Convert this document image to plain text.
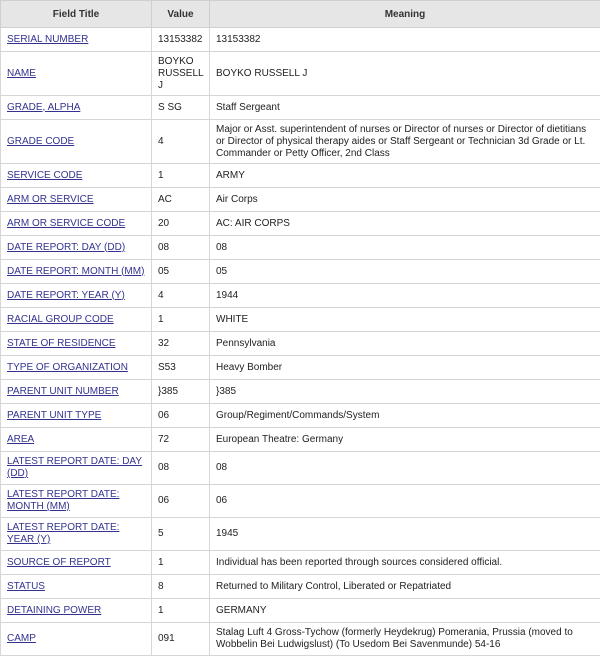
Field Title	Value	Meaning
SERIAL NUMBER	13153382	13153382
NAME	BOYKO RUSSELL J	BOYKO RUSSELL J
GRADE, ALPHA	S SG	Staff Sergeant
GRADE CODE	4	Major or Asst. superintendent of nurses or Director of nurses or Director of dietitians or Director of physical therapy aides or Staff Sergeant or Technician 3d Grade or Lt. Commander or Petty Officer, 2nd Class
SERVICE CODE	1	ARMY
ARM OR SERVICE	AC	Air Corps
ARM OR SERVICE CODE	20	AC: AIR CORPS
DATE REPORT: DAY (DD)	08	08
DATE REPORT: MONTH (MM)	05	05
DATE REPORT: YEAR (Y)	4	1944
RACIAL GROUP CODE	1	WHITE
STATE OF RESIDENCE	32	Pennsylvania
TYPE OF ORGANIZATION	S53	Heavy Bomber
PARENT UNIT NUMBER	}385	}385
PARENT UNIT TYPE	06	Group/Regiment/Commands/System
AREA	72	European Theatre: Germany
LATEST REPORT DATE: DAY (DD)	08	08
LATEST REPORT DATE: MONTH (MM)	06	06
LATEST REPORT DATE: YEAR (Y)	5	1945
SOURCE OF REPORT	1	Individual has been reported through sources considered official.
STATUS	8	Returned to Military Control, Liberated or Repatriated
DETAINING POWER	1	GERMANY
CAMP	091	Stalag Luft 4 Gross-Tychow (formerly Heydekrug) Pomerania, Prussia (moved to Wobbelin Bei Ludwigslust) (To Usedom Bei Savenmunde) 54-16
